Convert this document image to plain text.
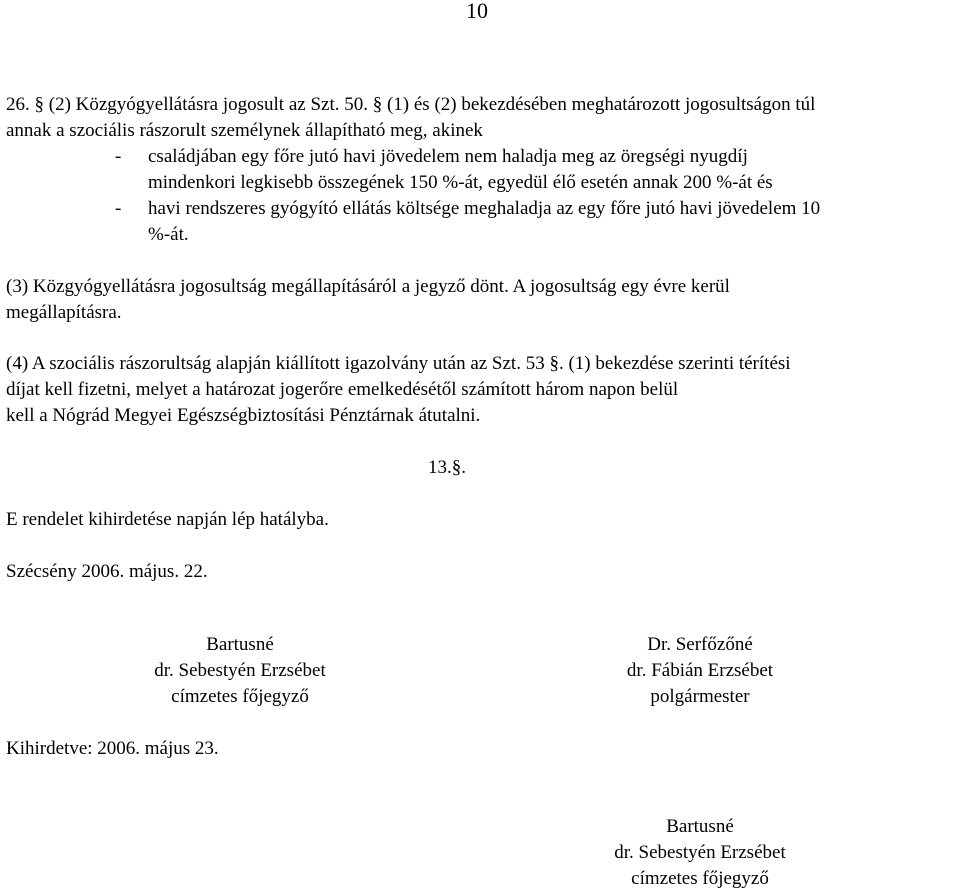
10
26. § (2) Közgyógyellátásra jogosult az Szt. 50. § (1) és (2) bekezdésében meghatározott jogosultságon túl
annak a szociális rászorult személynek állapítható meg, akinek
- családjában egy főre jutó havi jövedelem nem haladja meg az öregségi nyugdíj
mindenkori legkisebb összegének 150 %-át, egyedül élő esetén annak 200 %-át és
- havi rendszeres gyógyító ellátás költsége meghaladja az egy főre jutó havi jövedelem 10
%-át.
(3) Közgyógyellátásra jogosultság megállapításáról a jegyző dönt. A jogosultság egy évre kerül
megállapításra.
(4) A szociális rászorultság alapján kiállított igazolvány után az Szt. 53 §. (1) bekezdése szerinti térítési
díjat kell fizetni, melyet a határozat jogerőre emelkedésétől számított három napon belül
kell a Nógrád Megyei Egészségbiztosítási Pénztárnak átutalni.
13.§.
E rendelet kihirdetése napján lép hatályba.
Szécsény 2006. május. 22.
Bartusné
dr. Sebestyén Erzsébet
címzetes főjegyző
Dr. Serfőzőné
dr. Fábián Erzsébet
polgármester
Kihirdetve: 2006. május 23.
Bartusné
dr. Sebestyén Erzsébet
címzetes főjegyző
